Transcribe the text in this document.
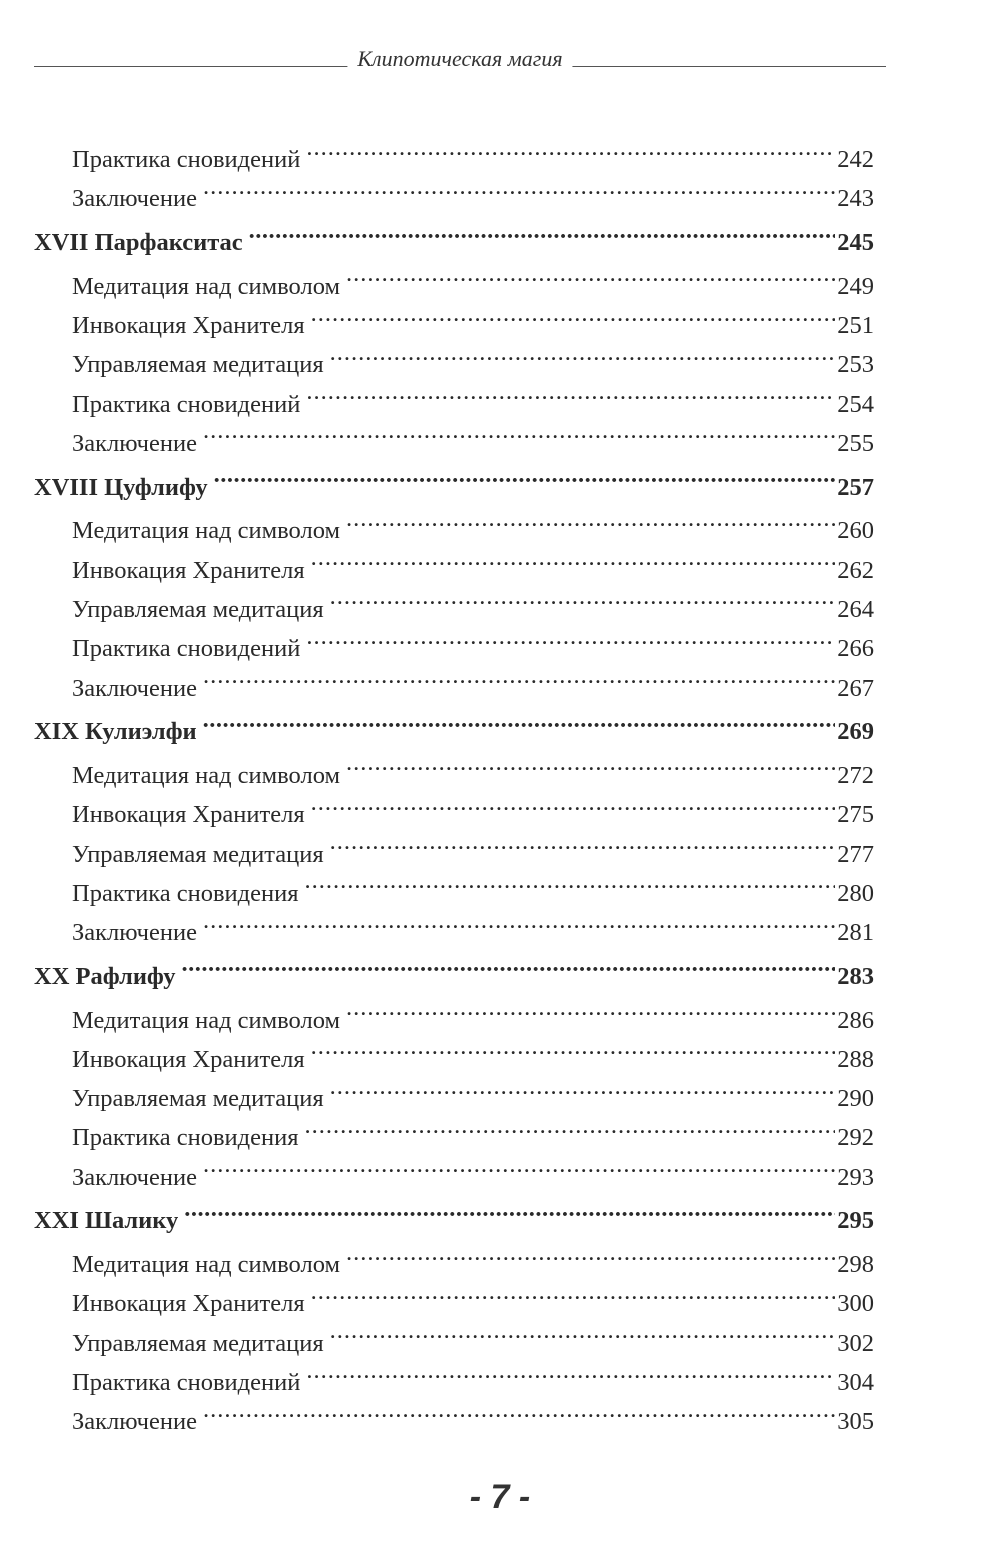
Клипотическая магия
Практика сновидений .....	242
Заключение .....	243
XVII Парфакситас .....	245
Медитация над символом .....	249
Инвокация Хранителя .....	251
Управляемая медитация .....	253
Практика сновидений .....	254
Заключение .....	255
XVIII Цуфлифу .....	257
Медитация над символом .....	260
Инвокация Хранителя .....	262
Управляемая медитация .....	264
Практика сновидений .....	266
Заключение .....	267
XIX Кулиэлфи .....	269
Медитация над символом .....	272
Инвокация Хранителя .....	275
Управляемая медитация .....	277
Практика сновидения .....	280
Заключение .....	281
XX Рафлифу .....	283
Медитация над символом .....	286
Инвокация Хранителя .....	288
Управляемая медитация .....	290
Практика сновидения .....	292
Заключение .....	293
XXI Шалику .....	295
Медитация над символом .....	298
Инвокация Хранителя .....	300
Управляемая медитация .....	302
Практика сновидений .....	304
Заключение .....	305
- 7 -
